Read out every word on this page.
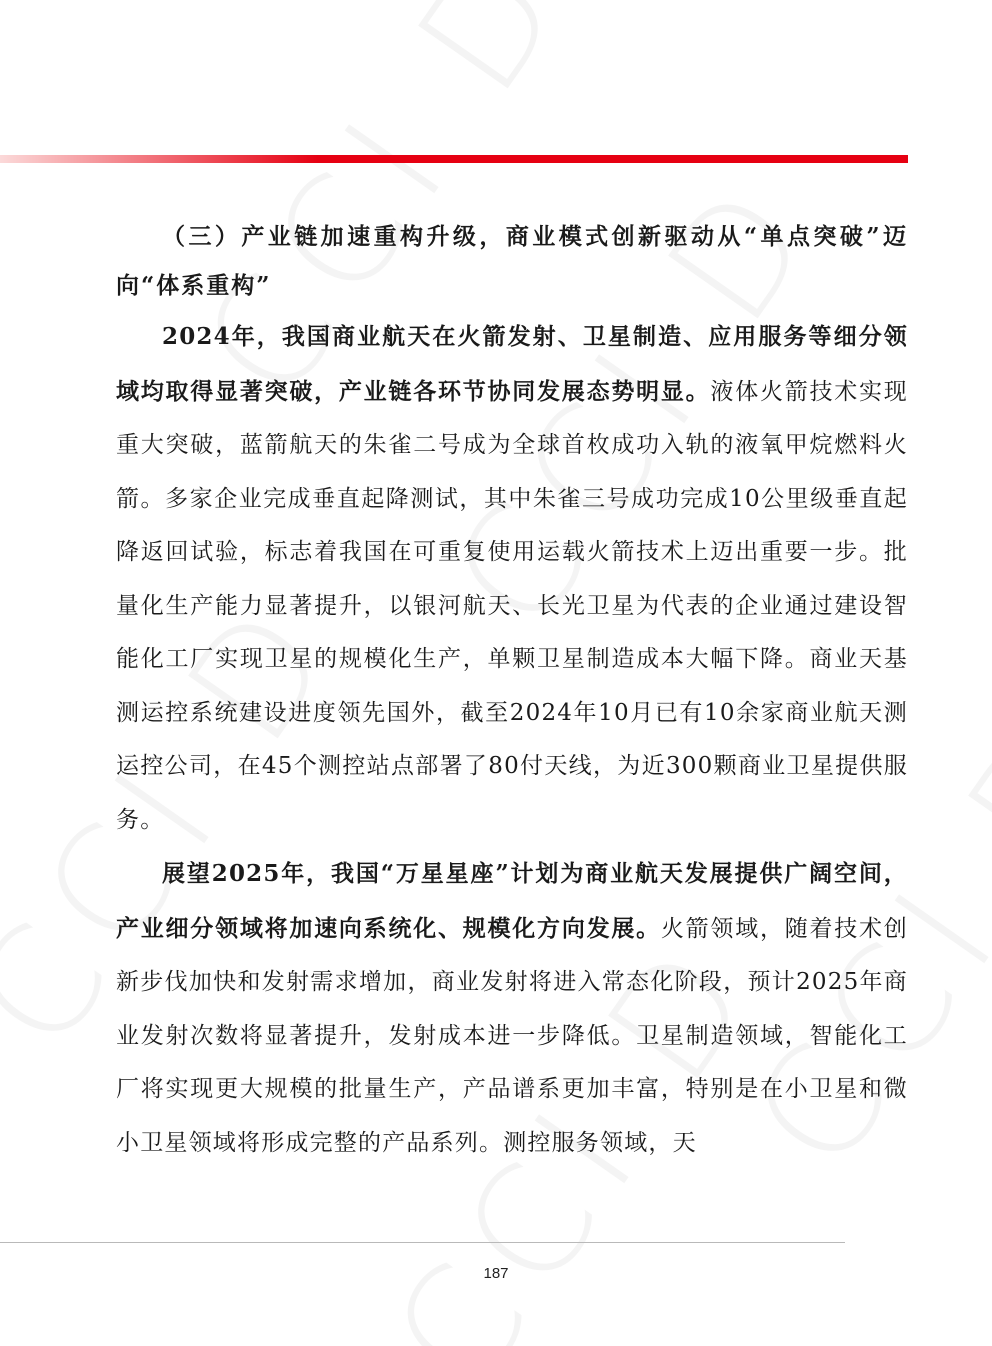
（三）产业链加速重构升级，商业模式创新驱动从“单点突破”迈向“体系重构”

2024年，我国商业航天在火箭发射、卫星制造、应用服务等细分领域均取得显著突破，产业链各环节协同发展态势明显。液体火箭技术实现重大突破，蓝箭航天的朱雀二号成为全球首枚成功入轨的液氧甲烷燃料火箭。多家企业完成垂直起降测试，其中朱雀三号成功完成10公里级垂直起降返回试验，标志着我国在可重复使用运载火箭技术上迈出重要一步。批量化生产能力显著提升，以银河航天、长光卫星为代表的企业通过建设智能化工厂实现卫星的规模化生产，单颗卫星制造成本大幅下降。商业天基测运控系统建设进度领先国外，截至2024年10月已有10余家商业航天测运控公司，在45个测控站点部署了80付天线，为近300颗商业卫星提供服务。

展望2025年，我国“万星星座”计划为商业航天发展提供广阔空间，产业细分领域将加速向系统化、规模化方向发展。火箭领域，随着技术创新步伐加快和发射需求增加，商业发射将进入常态化阶段，预计2025年商业发射次数将显著提升，发射成本进一步降低。卫星制造领域，智能化工厂将实现更大规模的批量生产，产品谱系更加丰富，特别是在小卫星和微小卫星领域将形成完整的产品系列。测控服务领域，天

187
